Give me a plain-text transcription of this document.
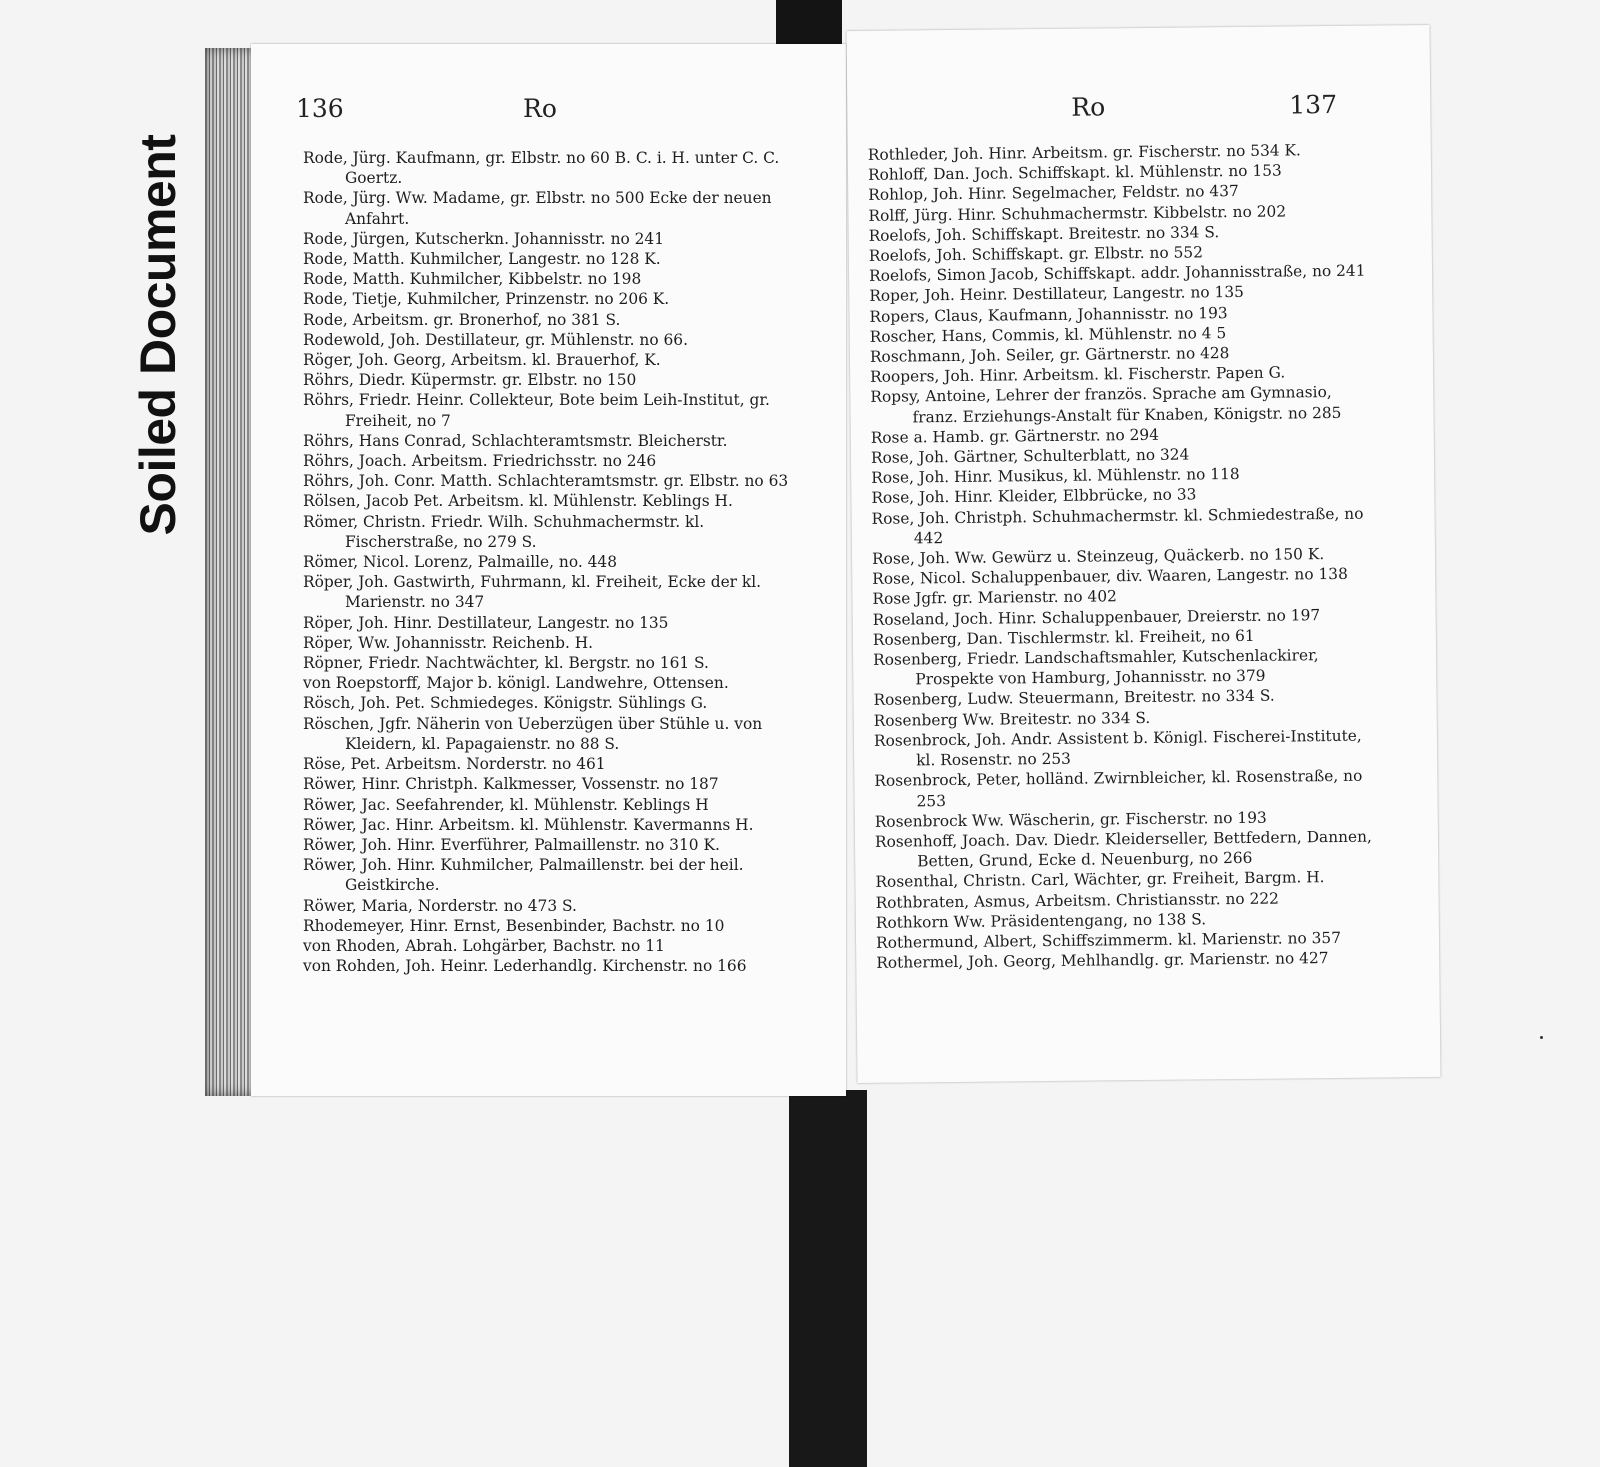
Soiled Document
136	Ro
Rode, Jürg. Kaufmann, gr. Elbstr. no 60 B. C. i. H. unter C. C. Goertz.
Rode, Jürg. Ww. Madame, gr. Elbstr. no 500 Ecke der neuen Anfahrt.
Rode, Jürgen, Kutscherkn. Johannisstr. no 241
Rode, Matth. Kuhmilcher, Langestr. no 128 K.
Rode, Matth. Kuhmilcher, Kibbelstr. no 198
Rode, Tietje, Kuhmilcher, Prinzenstr. no 206 K.
Rode, Arbeitsm. gr. Bronerhof, no 381 S.
Rodewold, Joh. Destillateur, gr. Mühlenstr. no 66.
Röger, Joh. Georg, Arbeitsm. kl. Brauerhof, K.
Röhrs, Diedr. Küpermstr. gr. Elbstr. no 150
Röhrs, Friedr. Heinr. Collekteur, Bote beim Leih-Institut, gr. Freiheit, no 7
Röhrs, Hans Conrad, Schlachteramtsmstr. Bleicherstr.
Röhrs, Joach. Arbeitsm. Friedrichsstr. no 246
Röhrs, Joh. Conr. Matth. Schlachteramtsmstr. gr. Elbstr. no 63
Rölsen, Jacob Pet. Arbeitsm. kl. Mühlenstr. Keblings H.
Römer, Christn. Friedr. Wilh. Schuhmachermstr. kl. Fischerstraße, no 279 S.
Römer, Nicol. Lorenz, Palmaille, no. 448
Röper, Joh. Gastwirth, Fuhrmann, kl. Freiheit, Ecke der kl. Marienstr. no 347
Röper, Joh. Hinr. Destillateur, Langestr. no 135
Röper, Ww. Johannisstr. Reichenb. H.
Röpner, Friedr. Nachtwächter, kl. Bergstr. no 161 S.
von Roepstorff, Major b. königl. Landwehre, Ottensen.
Rösch, Joh. Pet. Schmiedeges. Königstr. Sühlings G.
Röschen, Jgfr. Näherin von Ueberzügen über Stühle u. von Kleidern, kl. Papagaienstr. no 88 S.
Röse, Pet. Arbeitsm. Norderstr. no 461
Röwer, Hinr. Christph. Kalkmesser, Vossenstr. no 187
Röwer, Jac. Seefahrender, kl. Mühlenstr. Keblings H
Röwer, Jac. Hinr. Arbeitsm. kl. Mühlenstr. Kavermanns H.
Röwer, Joh. Hinr. Everführer, Palmaillenstr. no 310 K.
Röwer, Joh. Hinr. Kuhmilcher, Palmaillenstr. bei der heil. Geistkirche.
Röwer, Maria, Norderstr. no 473 S.
Rhodemeyer, Hinr. Ernst, Besenbinder, Bachstr. no 10
von Rhoden, Abrah. Lohgärber, Bachstr. no 11
von Rohden, Joh. Heinr. Lederhandlg. Kirchenstr. no 166
Ro	137
Rothleder, Joh. Hinr. Arbeitsm. gr. Fischerstr. no 534 K.
Rohloff, Dan. Joch. Schiffskapt. kl. Mühlenstr. no 153
Rohlop, Joh. Hinr. Segelmacher, Feldstr. no 437
Rolff, Jürg. Hinr. Schuhmachermstr. Kibbelstr. no 202
Roelofs, Joh. Schiffskapt. Breitestr. no 334 S.
Roelofs, Joh. Schiffskapt. gr. Elbstr. no 552
Roelofs, Simon Jacob, Schiffskapt. addr. Johannisstraße, no 241
Roper, Joh. Heinr. Destillateur, Langestr. no 135
Ropers, Claus, Kaufmann, Johannisstr. no 193
Roscher, Hans, Commis, kl. Mühlenstr. no 4 5
Roschmann, Joh. Seiler, gr. Gärtnerstr. no 428
Roopers, Joh. Hinr. Arbeitsm. kl. Fischerstr. Papen G.
Ropsy, Antoine, Lehrer der französ. Sprache am Gymnasio, franz. Erziehungs-Anstalt für Knaben, Königstr. no 285
Rose a. Hamb. gr. Gärtnerstr. no 294
Rose, Joh. Gärtner, Schulterblatt, no 324
Rose, Joh. Hinr. Musikus, kl. Mühlenstr. no 118
Rose, Joh. Hinr. Kleider, Elbbrücke, no 33
Rose, Joh. Christph. Schuhmachermstr. kl. Schmiedestraße, no 442
Rose, Joh. Ww. Gewürz u. Steinzeug, Quäckerb. no 150 K.
Rose, Nicol. Schaluppenbauer, div. Waaren, Langestr. no 138
Rose Jgfr. gr. Marienstr. no 402
Roseland, Joch. Hinr. Schaluppenbauer, Dreierstr. no 197
Rosenberg, Dan. Tischlermstr. kl. Freiheit, no 61
Rosenberg, Friedr. Landschaftsmahler, Kutschenlackirer, Prospekte von Hamburg, Johannisstr. no 379
Rosenberg, Ludw. Steuermann, Breitestr. no 334 S.
Rosenberg Ww. Breitestr. no 334 S.
Rosenbrock, Joh. Andr. Assistent b. Königl. Fischerei-Institute, kl. Rosenstr. no 253
Rosenbrock, Peter, holländ. Zwirnbleicher, kl. Rosenstraße, no 253
Rosenbrock Ww. Wäscherin, gr. Fischerstr. no 193
Rosenhoff, Joach. Dav. Diedr. Kleiderseller, Bettfedern, Dannen, Betten, Grund, Ecke d. Neuenburg, no 266
Rosenthal, Christn. Carl, Wächter, gr. Freiheit, Bargm. H.
Rothbraten, Asmus, Arbeitsm. Christiansstr. no 222
Rothkorn Ww. Präsidentengang, no 138 S.
Rothermund, Albert, Schiffszimmerm. kl. Marienstr. no 357
Rothermel, Joh. Georg, Mehlhandlg. gr. Marienstr. no 427
